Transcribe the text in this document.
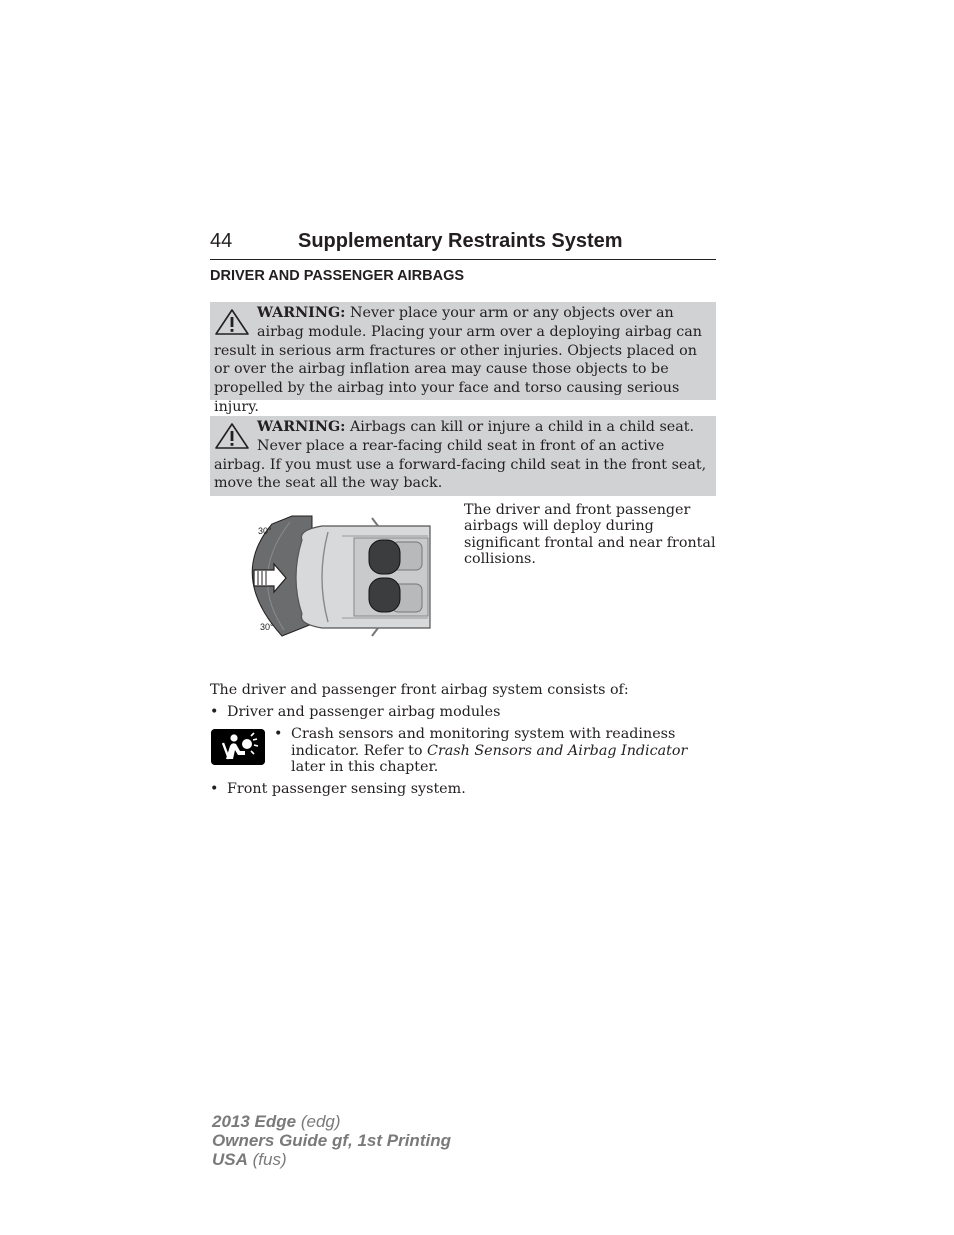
44	Supplementary Restraints System
DRIVER AND PASSENGER AIRBAGS
WARNING: Never place your arm or any objects over an airbag module. Placing your arm over a deploying airbag can result in serious arm fractures or other injuries. Objects placed on or over the airbag inflation area may cause those objects to be propelled by the airbag into your face and torso causing serious injury.
WARNING: Airbags can kill or injure a child in a child seat. Never place a rear-facing child seat in front of an active airbag. If you must use a forward-facing child seat in the front seat, move the seat all the way back.
30°
30°
The driver and front passenger airbags will deploy during significant frontal and near frontal collisions.
The driver and passenger front airbag system consists of:
• Driver and passenger airbag modules
• Crash sensors and monitoring system with readiness indicator. Refer to Crash Sensors and Airbag Indicator later in this chapter.
• Front passenger sensing system.
2013 Edge (edg)
Owners Guide gf, 1st Printing
USA (fus)
